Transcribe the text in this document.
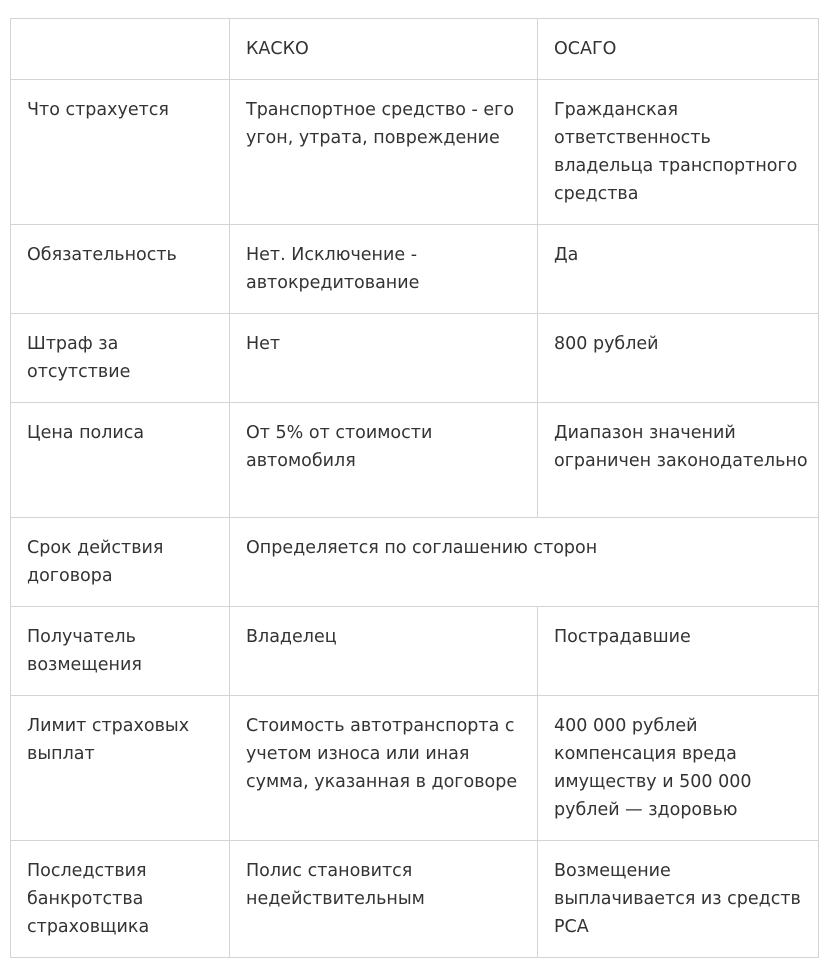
	КАСКО	ОСАГО
Что страхуется	Транспортное средство - его угон, утрата, повреждение	Гражданская ответственность владельца транспортного средства
Обязательность	Нет. Исключение - автокредитование	Да
Штраф за отсутствие	Нет	800 рублей
Цена полиса	От 5% от стоимости автомобиля	Диапазон значений ограничен законодательно
Срок действия договора	Определяется по соглашению сторон	
Получатель возмещения	Владелец	Пострадавшие
Лимит страховых выплат	Стоимость автотранспорта с учетом износа или иная сумма, указанная в договоре	400 000 рублей компенсация вреда имуществу и 500 000 рублей — здоровью
Последствия банкротства страховщика	Полис становится недействительным	Возмещение выплачивается из средств РСА
